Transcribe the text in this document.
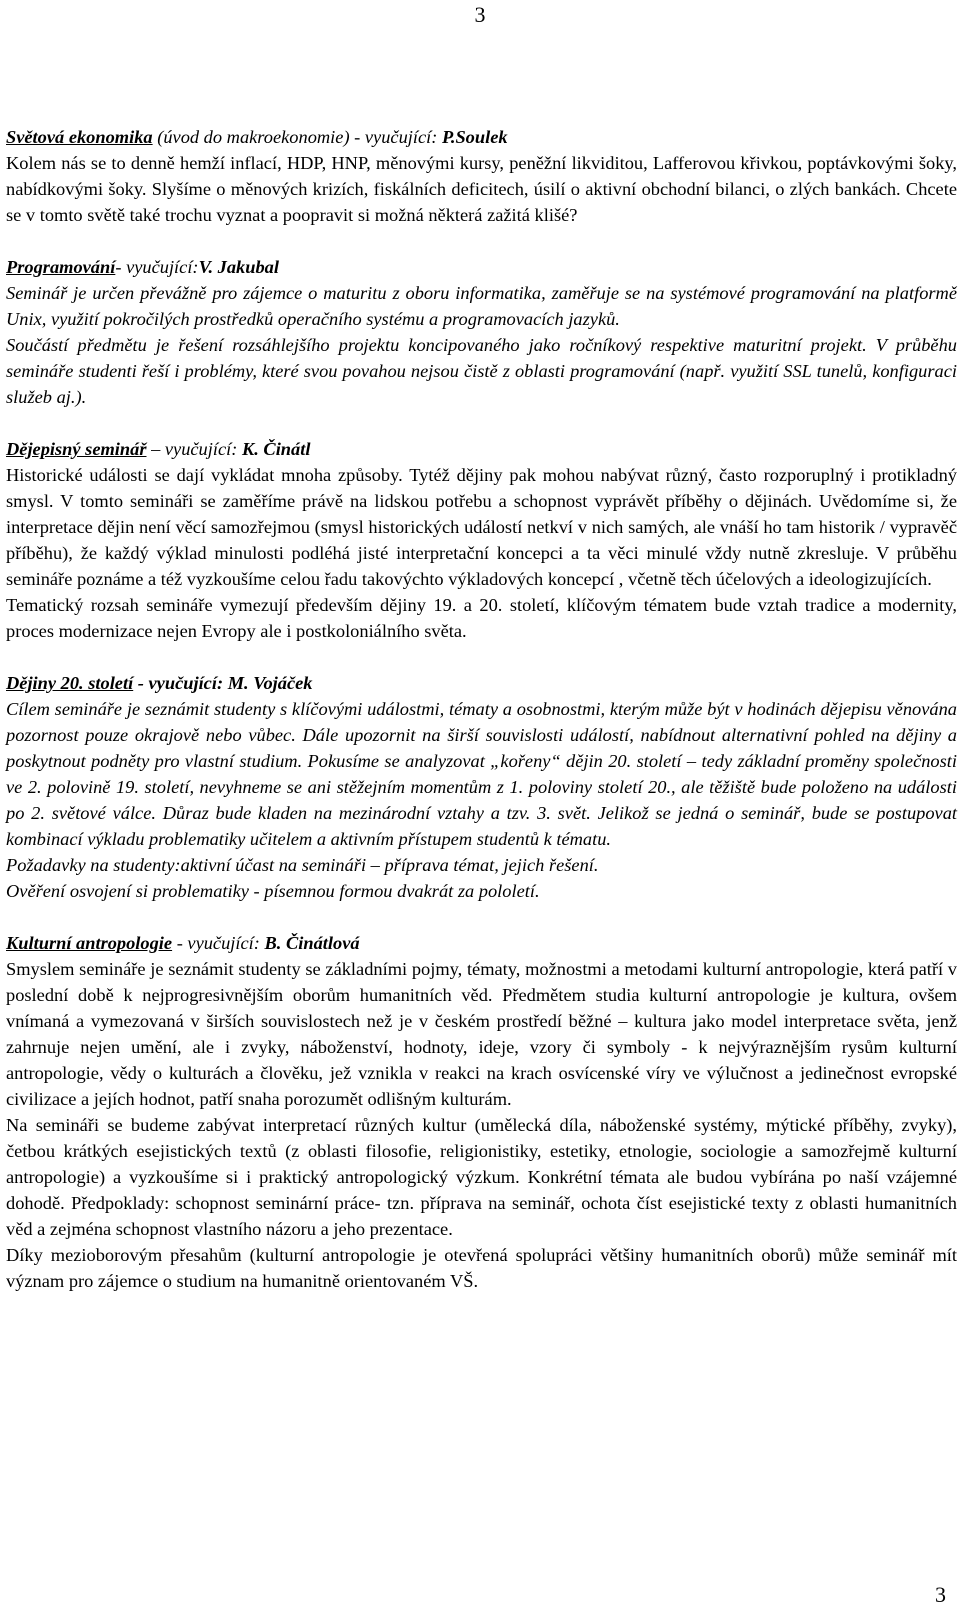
3

Světová ekonomika (úvod do makroekonomie) - vyučující: P.Soulek

Kolem nás se to denně hemží inflací, HDP, HNP, měnovými kursy, peněžní likviditou, Lafferovou křivkou, poptávkovými šoky, nabídkovými šoky. Slyšíme o měnových krizích, fiskálních deficitech, úsilí o aktivní obchodní bilanci, o zlých bankách. Chcete se v tomto světě také trochu vyznat a poopravit si možná některá zažitá klišé?

Programování- vyučující:V. Jakubal

Seminář je určen převážně pro zájemce o maturitu z oboru informatika, zaměřuje se na systémové programování na platformě Unix, využití pokročilých prostředků operačního systému a programovacích jazyků.

Součástí předmětu je řešení rozsáhlejšího projektu koncipovaného jako ročníkový respektive maturitní projekt. V průběhu semináře studenti řeší i problémy, které svou povahou nejsou čistě z oblasti programování (např. využití SSL tunelů, konfiguraci služeb aj.).

Dějepisný seminář – vyučující: K. Činátl

Historické události se dají vykládat mnoha způsoby. Tytéž dějiny pak mohou nabývat různý, často rozporuplný i protikladný smysl. V tomto semináři se zaměříme právě na lidskou potřebu a schopnost vyprávět příběhy o dějinách. Uvědomíme si, že interpretace dějin není věcí samozřejmou (smysl historických událostí netkví v nich samých, ale vnáší ho tam historik / vypravěč příběhu), že každý výklad minulosti podléhá jisté interpretační koncepci a ta věci minulé vždy nutně zkresluje. V průběhu semináře poznáme a též vyzkoušíme celou řadu takovýchto výkladových koncepcí , včetně těch účelových a ideologizujících.

Tematický rozsah semináře vymezují především dějiny 19. a 20. století, klíčovým tématem bude vztah tradice a modernity, proces modernizace nejen Evropy ale i postkoloniálního světa.

Dějiny 20. století - vyučující: M. Vojáček

Cílem semináře je seznámit studenty s klíčovými událostmi, tématy a osobnostmi, kterým může být v hodinách dějepisu věnována pozornost pouze okrajově nebo vůbec. Dále upozornit na širší souvislosti událostí, nabídnout alternativní pohled na dějiny a poskytnout podněty pro vlastní studium. Pokusíme se analyzovat „kořeny“ dějin 20. století – tedy základní proměny společnosti ve 2. polovině 19. století, nevyhneme se ani stěžejním momentům z 1. poloviny století 20., ale těžiště bude položeno na události po 2. světové válce. Důraz bude kladen na mezinárodní vztahy a tzv. 3. svět. Jelikož se jedná o seminář, bude se postupovat kombinací výkladu problematiky učitelem a aktivním přístupem studentů k tématu.

Požadavky na studenty:aktivní účast na semináři – příprava témat, jejich řešení.

Ověření osvojení si problematiky - písemnou formou dvakrát za pololetí.

Kulturní antropologie - vyučující: B. Činátlová

Smyslem semináře je seznámit studenty se základními pojmy, tématy, možnostmi a metodami kulturní antropologie, která patří v poslední době k nejprogresivnějším oborům humanitních věd. Předmětem studia kulturní antropologie je kultura, ovšem vnímaná a vymezovaná v širších souvislostech než je v českém prostředí běžné – kultura jako model interpretace světa, jenž zahrnuje nejen umění, ale i zvyky, náboženství, hodnoty, ideje, vzory či symboly - k nejvýraznějším rysům kulturní antropologie, vědy o kulturách a člověku, jež vznikla v reakci na krach osvícenské víry ve výlučnost a jedinečnost evropské civilizace a jejích hodnot, patří snaha porozumět odlišným kulturám.

Na semináři se budeme zabývat interpretací různých kultur (umělecká díla, náboženské systémy, mýtické příběhy, zvyky), četbou krátkých esejistických textů (z oblasti filosofie, religionistiky, estetiky, etnologie, sociologie a samozřejmě kulturní antropologie) a vyzkoušíme si i praktický antropologický výzkum. Konkrétní témata ale budou vybírána po naší vzájemné dohodě. Předpoklady: schopnost seminární práce- tzn. příprava na seminář, ochota číst esejistické texty z oblasti humanitních věd a zejména schopnost vlastního názoru a jeho prezentace.

Díky mezioborovým přesahům (kulturní antropologie je otevřená spolupráci většiny humanitních oborů) může seminář mít význam pro zájemce o studium na humanitně orientovaném VŠ.

3
